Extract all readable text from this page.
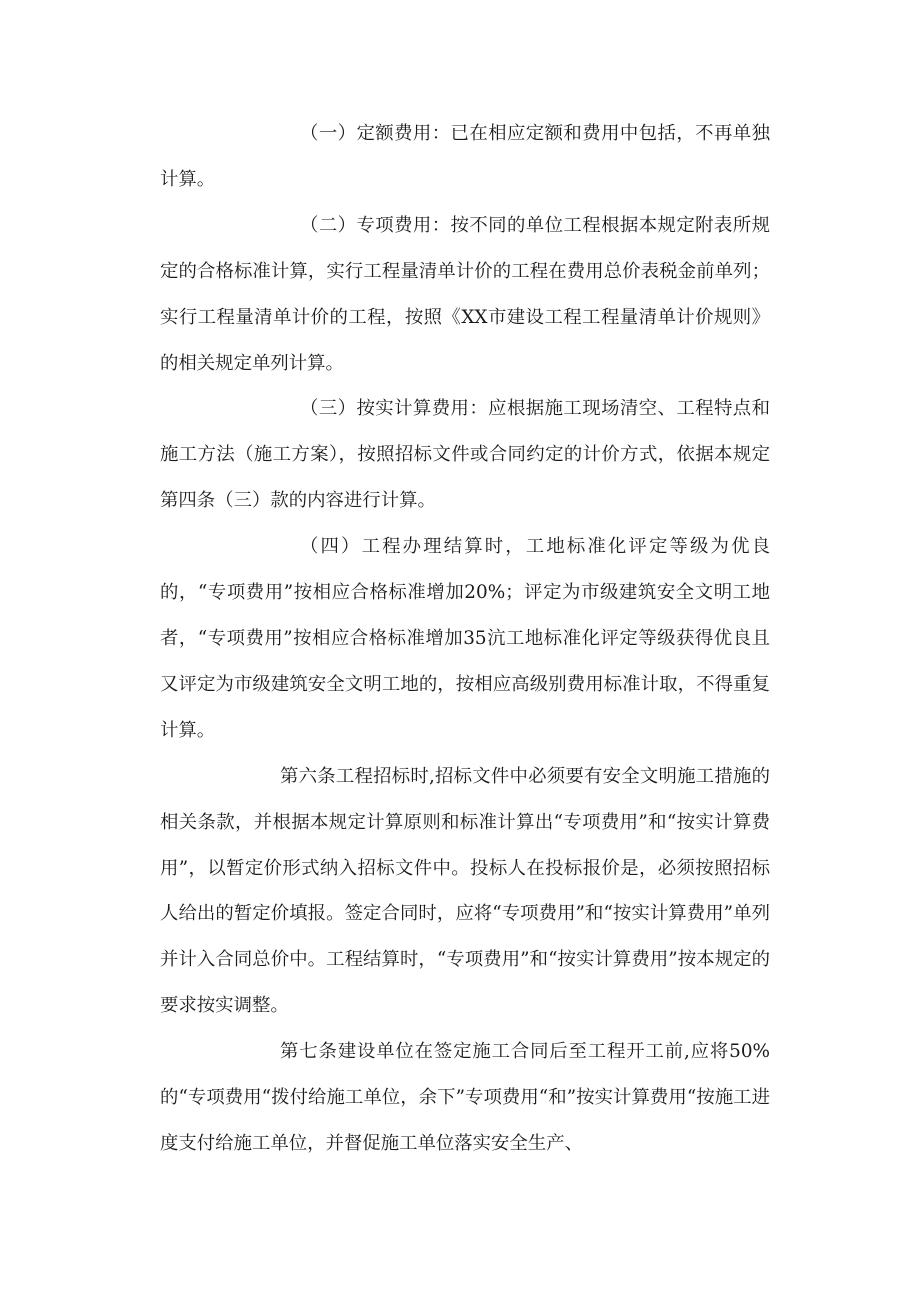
（一）定额费用：已在相应定额和费用中包括，不再单独计算。

（二）专项费用：按不同的单位工程根据本规定附表所规定的合格标准计算，实行工程量清单计价的工程在费用总价表税金前单列；实行工程量清单计价的工程，按照《XX市建设工程工程量清单计价规则》的相关规定单列计算。

（三）按实计算费用：应根据施工现场清空、工程特点和施工方法（施工方案），按照招标文件或合同约定的计价方式，依据本规定第四条（三）款的内容进行计算。

（四）工程办理结算时，工地标准化评定等级为优良的，“专项费用”按相应合格标准增加20%；评定为市级建筑安全文明工地者，“专项费用”按相应合格标准增加35沆工地标准化评定等级获得优良且又评定为市级建筑安全文明工地的，按相应高级别费用标准计取，不得重复计算。

第六条工程招标时,招标文件中必须要有安全文明施工措施的相关条款，并根据本规定计算原则和标准计算出“专项费用”和“按实计算费用”，以暂定价形式纳入招标文件中。投标人在投标报价是，必须按照招标人给出的暂定价填报。签定合同时，应将“专项费用”和“按实计算费用”单列并计入合同总价中。工程结算时，“专项费用”和“按实计算费用”按本规定的要求按实调整。

第七条建设单位在签定施工合同后至工程开工前,应将50%的“专项费用“拨付给施工单位，余下”专项费用“和”按实计算费用“按施工进度支付给施工单位，并督促施工单位落实安全生产、
